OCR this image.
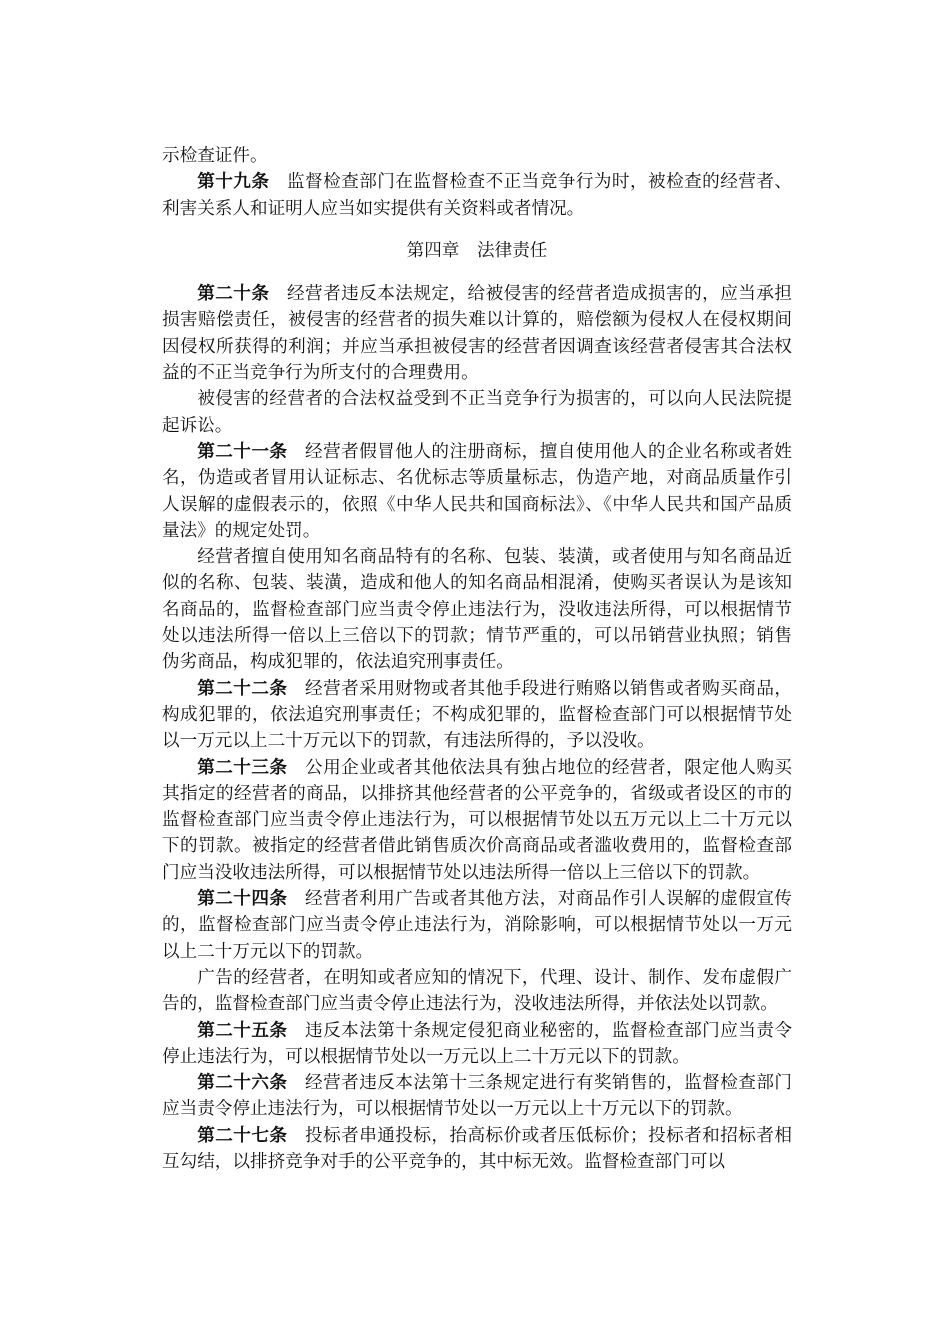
示检查证件。

第十九条 监督检查部门在监督检查不正当竞争行为时，被检查的经营者、利害关系人和证明人应当如实提供有关资料或者情况。

第四章 法律责任

第二十条 经营者违反本法规定，给被侵害的经营者造成损害的，应当承担损害赔偿责任，被侵害的经营者的损失难以计算的，赔偿额为侵权人在侵权期间因侵权所获得的利润；并应当承担被侵害的经营者因调查该经营者侵害其合法权益的不正当竞争行为所支付的合理费用。

被侵害的经营者的合法权益受到不正当竞争行为损害的，可以向人民法院提起诉讼。

第二十一条 经营者假冒他人的注册商标，擅自使用他人的企业名称或者姓名，伪造或者冒用认证标志、名优标志等质量标志，伪造产地，对商品质量作引人误解的虚假表示的，依照《中华人民共和国商标法》、《中华人民共和国产品质量法》的规定处罚。

经营者擅自使用知名商品特有的名称、包装、装潢，或者使用与知名商品近似的名称、包装、装潢，造成和他人的知名商品相混淆，使购买者误认为是该知名商品的，监督检查部门应当责令停止违法行为，没收违法所得，可以根据情节处以违法所得一倍以上三倍以下的罚款；情节严重的，可以吊销营业执照；销售伪劣商品，构成犯罪的，依法追究刑事责任。

第二十二条 经营者采用财物或者其他手段进行贿赂以销售或者购买商品，构成犯罪的，依法追究刑事责任；不构成犯罪的，监督检查部门可以根据情节处以一万元以上二十万元以下的罚款，有违法所得的，予以没收。

第二十三条 公用企业或者其他依法具有独占地位的经营者，限定他人购买其指定的经营者的商品，以排挤其他经营者的公平竞争的，省级或者设区的市的监督检查部门应当责令停止违法行为，可以根据情节处以五万元以上二十万元以下的罚款。被指定的经营者借此销售质次价高商品或者滥收费用的，监督检查部门应当没收违法所得，可以根据情节处以违法所得一倍以上三倍以下的罚款。

第二十四条 经营者利用广告或者其他方法，对商品作引人误解的虚假宣传的，监督检查部门应当责令停止违法行为，消除影响，可以根据情节处以一万元以上二十万元以下的罚款。

广告的经营者，在明知或者应知的情况下，代理、设计、制作、发布虚假广告的，监督检查部门应当责令停止违法行为，没收违法所得，并依法处以罚款。

第二十五条 违反本法第十条规定侵犯商业秘密的，监督检查部门应当责令停止违法行为，可以根据情节处以一万元以上二十万元以下的罚款。

第二十六条 经营者违反本法第十三条规定进行有奖销售的，监督检查部门应当责令停止违法行为，可以根据情节处以一万元以上十万元以下的罚款。

第二十七条 投标者串通投标，抬高标价或者压低标价；投标者和招标者相互勾结，以排挤竞争对手的公平竞争的，其中标无效。监督检查部门可以
